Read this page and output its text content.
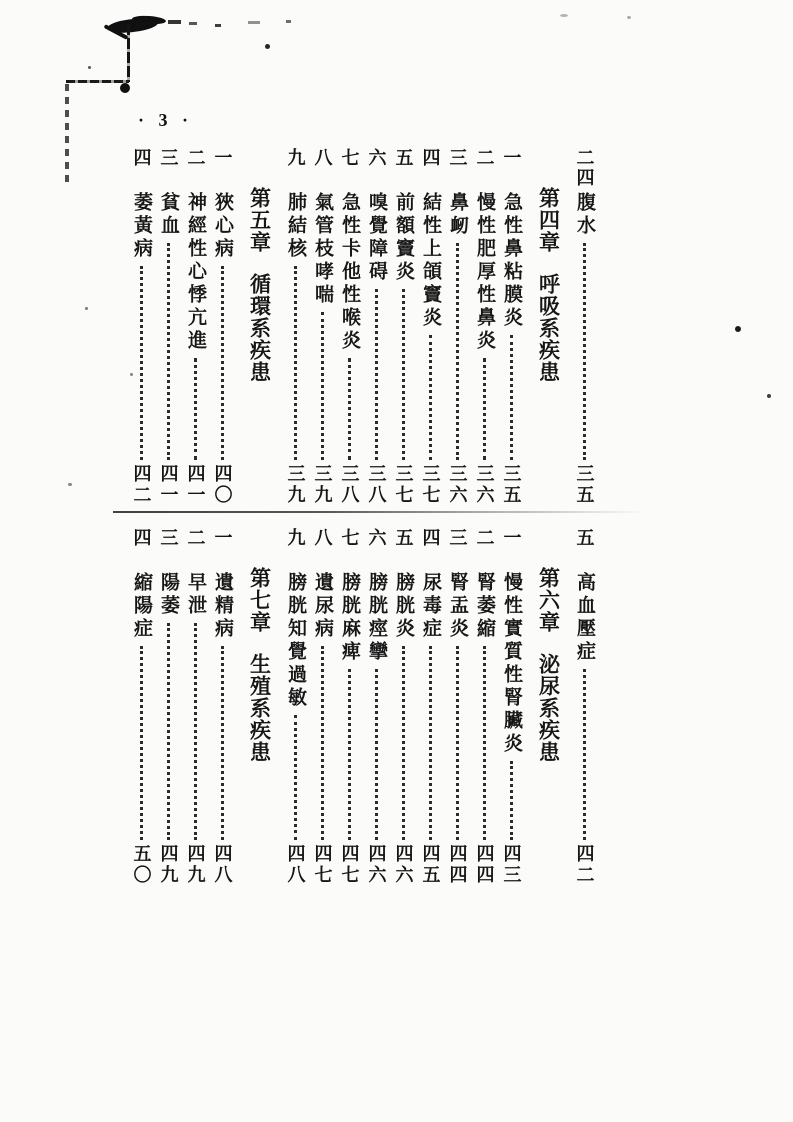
· 3 ·
二四
腹水
三五
第四章
呼吸系疾患
一
急性鼻粘膜炎
三五
二
慢性肥厚性鼻炎
三六
三
鼻衂
三六
四
結性上頜竇炎
三七
五
前額竇炎
三七
六
嗅覺障碍
三八
七
急性卡他性喉炎
三八
八
氣管枝哮喘
三九
九
肺結核
三九
第五章
循環系疾患
一
狹心病
四〇
二
神經性心悸亢進
四一
三
貧血
四一
四
萎黃病
四二
五
高血壓症
四二
第六章
泌尿系疾患
一
慢性實質性腎臟炎
四三
二
腎萎縮
四四
三
腎盂炎
四四
四
尿毒症
四五
五
膀胱炎
四六
六
膀胱痙攣
四六
七
膀胱麻痺
四七
八
遺尿病
四七
九
膀胱知覺過敏
四八
第七章
生殖系疾患
一
遺精病
四八
二
早泄
四九
三
陽萎
四九
四
縮陽症
五〇
